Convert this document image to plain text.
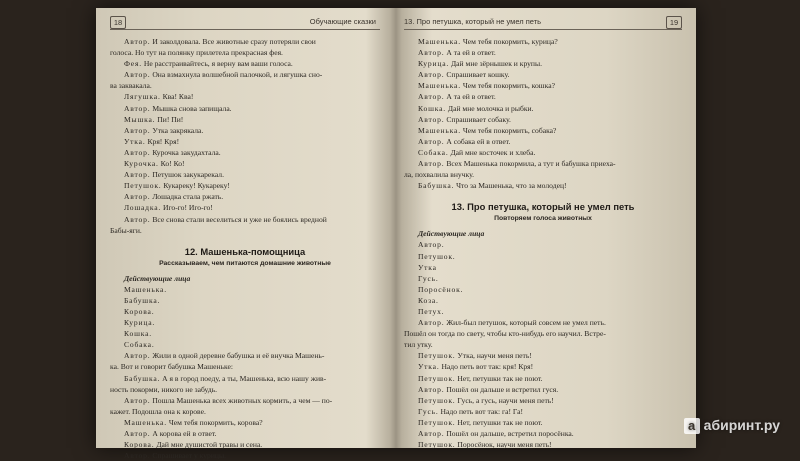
18	Обучающие сказки
Автор. И заколдовала. Все животные сразу потеряли свои
голоса. Но тут на полянку прилетела прекрасная фея.
Фея. Не расстраивайтесь, я верну вам ваши голоса.
Автор. Она взмахнула волшебной палочкой, и лягушка сно-
ва заквакала.
Лягушка. Ква! Ква!
Автор. Мышка снова запищала.
Мышка. Пи! Пи!
Автор. Утка закрякала.
Утка. Кря! Кря!
Автор. Курочка закудахтала.
Курочка. Ко! Ко!
Автор. Петушок закукарекал.
Петушок. Кукареку! Кукареку!
Автор. Лошадка стала ржать.
Лошадка. Иго-го! Иго-го!
Автор. Все снова стали веселиться и уже не боялись вредной
Бабы-яги.
12. Машенька-помощница
Рассказываем, чем питаются домашние животные
Действующие лица
Машенька.
Бабушка.
Корова.
Курица.
Кошка.
Собака.
Автор. Жили в одной деревне бабушка и её внучка Машень-
ка. Вот и говорит бабушка Машеньке:
Бабушка. А я в город поеду, а ты, Машенька, всю нашу жив-
ность покорми, никого не забудь.
Автор. Пошла Машенька всех животных кормить, а чем — по-
кажет. Подошла она к корове.
Машенька. Чем тебя покормить, корова?
Автор. А корова ей в ответ.
Корова. Дай мне душистой травы и сена.
Автор. Спрашивает у курицы.
13. Про петушка, который не умел петь	19
Машенька. Чем тебя покормить, курица?
Автор. А та ей в ответ.
Курица. Дай мне зёрнышек и крупы.
Автор. Спрашивает кошку.
Машенька. Чем тебя покормить, кошка?
Автор. А та ей в ответ.
Кошка. Дай мне молочка и рыбки.
Автор. Спрашивает собаку.
Машенька. Чем тебя покормить, собака?
Автор. А собака ей в ответ.
Собака. Дай мне косточек и хлеба.
Автор. Всех Машенька покормила, а тут и бабушка приеха-
ла, похвалила внучку.
Бабушка. Что за Машенька, что за молодец!
13. Про петушка, который не умел петь
Повторяем голоса животных
Действующие лица
Автор.
Петушок.
Утка
Гусь.
Поросёнок.
Коза.
Петух.
Автор. Жил-был петушок, который совсем не умел петь.
Пошёл он тогда по свету, чтобы кто-нибудь его научил. Встре-
тил утку.
Петушок. Утка, научи меня петь!
Утка. Надо петь вот так: кря! Кря!
Петушок. Нет, петушки так не поют.
Автор. Пошёл он дальше и встретил гуся.
Петушок. Гусь, а гусь, научи меня петь!
Гусь. Надо петь вот так: га! Га!
Петушок. Нет, петушки так не поют.
Автор. Пошёл он дальше, встретил поросёнка.
Петушок. Поросёнок, научи меня петь!
a абиринт.ру
